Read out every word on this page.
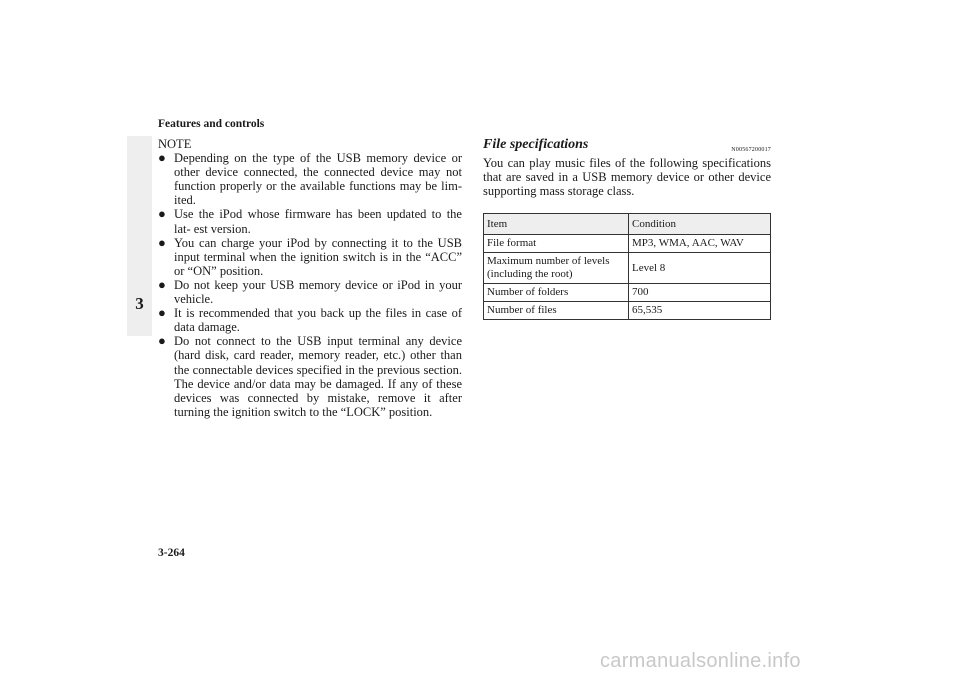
Features and controls
3
NOTE
● Depending on the type of the USB memory device or other device connected, the connected device may not function properly or the available functions may be lim- ited.
● Use the iPod whose firmware has been updated to the lat- est version.
● You can charge your iPod by connecting it to the USB input terminal when the ignition switch is in the “ACC” or “ON” position.
● Do not keep your USB memory device or iPod in your vehicle.
● It is recommended that you back up the files in case of data damage.
● Do not connect to the USB input terminal any device (hard disk, card reader, memory reader, etc.) other than the connectable devices specified in the previous section. The device and/or data may be damaged. If any of these devices was connected by mistake, remove it after turning the ignition switch to the “LOCK” position.
File specifications	N00567200017
You can play music files of the following specifications that are saved in a USB memory device or other device supporting mass storage class.
Item	Condition
File format	MP3, WMA, AAC, WAV
Maximum number of levels (including the root)	Level 8
Number of folders	700
Number of files	65,535
3-264
carmanualsonline.info
